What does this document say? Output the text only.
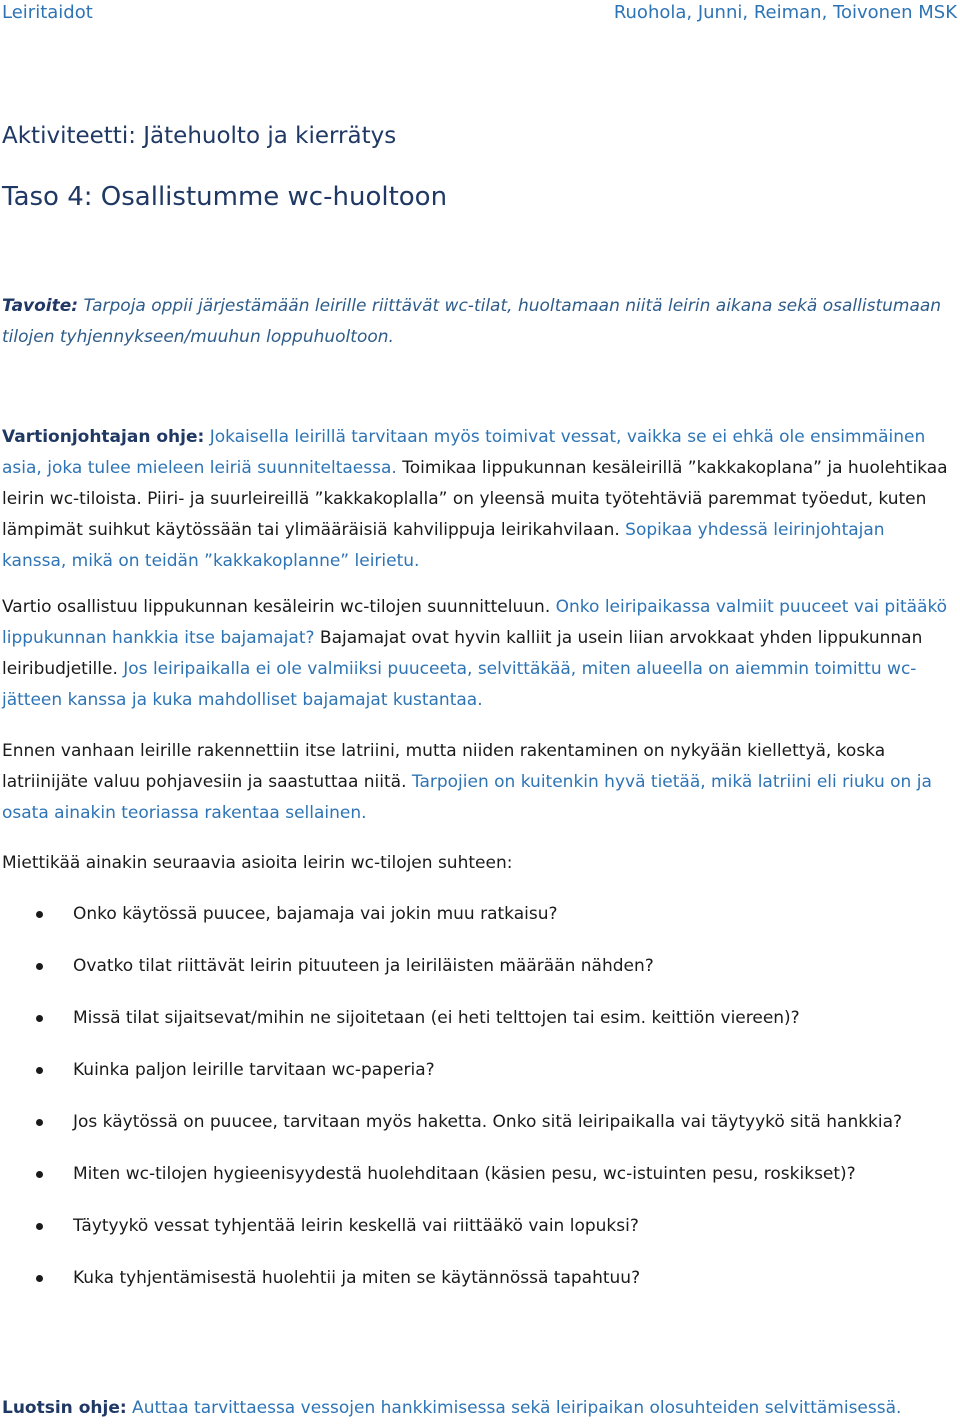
Leiritaidot	Ruohola, Junni, Reiman, Toivonen MSK
Aktiviteetti: Jätehuolto ja kierrätys
Taso 4: Osallistumme wc-huoltoon
Tavoite: Tarpoja oppii järjestämään leirille riittävät wc-tilat, huoltamaan niitä leirin aikana sekä osallistumaan tilojen tyhjennykseen/muuhun loppuhuoltoon.
Vartionjohtajan ohje: Jokaisella leirillä tarvitaan myös toimivat vessat, vaikka se ei ehkä ole ensimmäinen asia, joka tulee mieleen leiriä suunniteltaessa. Toimikaa lippukunnan kesäleirillä ”kakkakoplana” ja huolehtikaa leirin wc-tiloista. Piiri- ja suurleireillä ”kakkakoplalla” on yleensä muita työtehtäviä paremmat työedut, kuten lämpimät suihkut käytössään tai ylimääräisiä kahvilippuja leirikahvilaan. Sopikaa yhdessä leirinjohtajan kanssa, mikä on teidän ”kakkakoplanne” leirietu.
Vartio osallistuu lippukunnan kesäleirin wc-tilojen suunnitteluun. Onko leiripaikassa valmiit puuceet vai pitääkö lippukunnan hankkia itse bajamajat? Bajamajat ovat hyvin kalliit ja usein liian arvokkaat yhden lippukunnan leiribudjetille. Jos leiripaikalla ei ole valmiiksi puuceeta, selvittäkää, miten alueella on aiemmin toimittu wc-jätteen kanssa ja kuka mahdolliset bajamajat kustantaa.
Ennen vanhaan leirille rakennettiin itse latriini, mutta niiden rakentaminen on nykyään kiellettyä, koska latriinijäte valuu pohjavesiin ja saastuttaa niitä. Tarpojien on kuitenkin hyvä tietää, mikä latriini eli riuku on ja osata ainakin teoriassa rakentaa sellainen.
Miettikää ainakin seuraavia asioita leirin wc-tilojen suhteen:
Onko käytössä puucee, bajamaja vai jokin muu ratkaisu?
Ovatko tilat riittävät leirin pituuteen ja leiriläisten määrään nähden?
Missä tilat sijaitsevat/mihin ne sijoitetaan (ei heti telttojen tai esim. keittiön viereen)?
Kuinka paljon leirille tarvitaan wc-paperia?
Jos käytössä on puucee, tarvitaan myös haketta. Onko sitä leiripaikalla vai täytyykö sitä hankkia?
Miten wc-tilojen hygieenisyydestä huolehditaan (käsien pesu, wc-istuinten pesu, roskikset)?
Täytyykö vessat tyhjentää leirin keskellä vai riittääkö vain lopuksi?
Kuka tyhjentämisestä huolehtii ja miten se käytännössä tapahtuu?
Luotsin ohje: Auttaa tarvittaessa vessojen hankkimisessa sekä leiripaikan olosuhteiden selvittämisessä.
